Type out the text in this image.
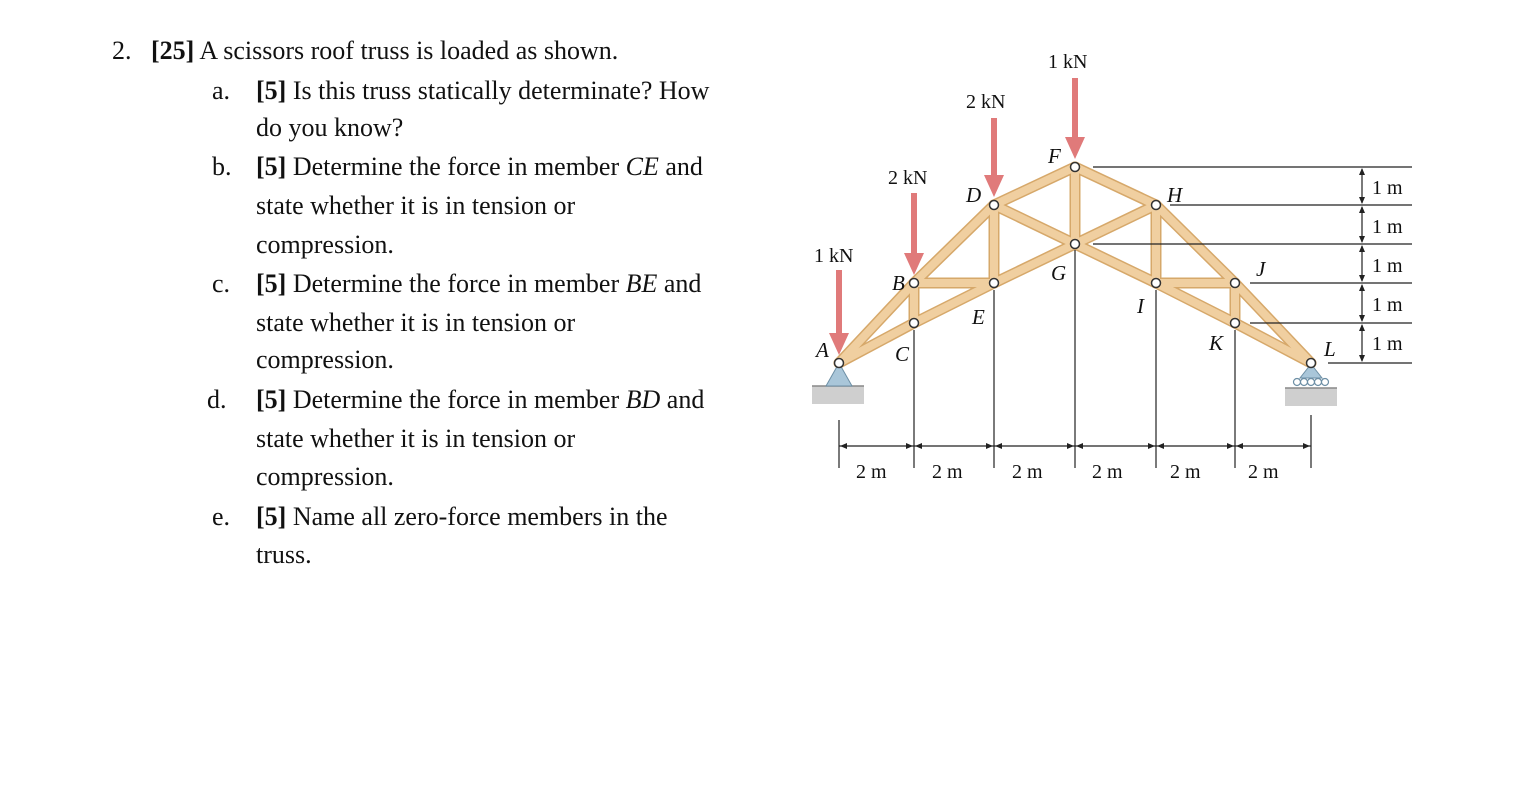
2. [25] A scissors roof truss is loaded as shown.
a. [5] Is this truss statically determinate? How
do you know?
b. [5] Determine the force in member CE and
state whether it is in tension or
compression.
c. [5] Determine the force in member BE and
state whether it is in tension or
compression.
d. [5] Determine the force in member BD and
state whether it is in tension or
compression.
e. [5] Name all zero-force members in the
truss.
A
B
C
D
E
F
G
H
I
J
K	L
1 kN
2 kN
2 kN
1 kN
2 m 2 m 2 m 2 m 2 m 2 m
1 m
1 m
1 m
1 m
1 m
